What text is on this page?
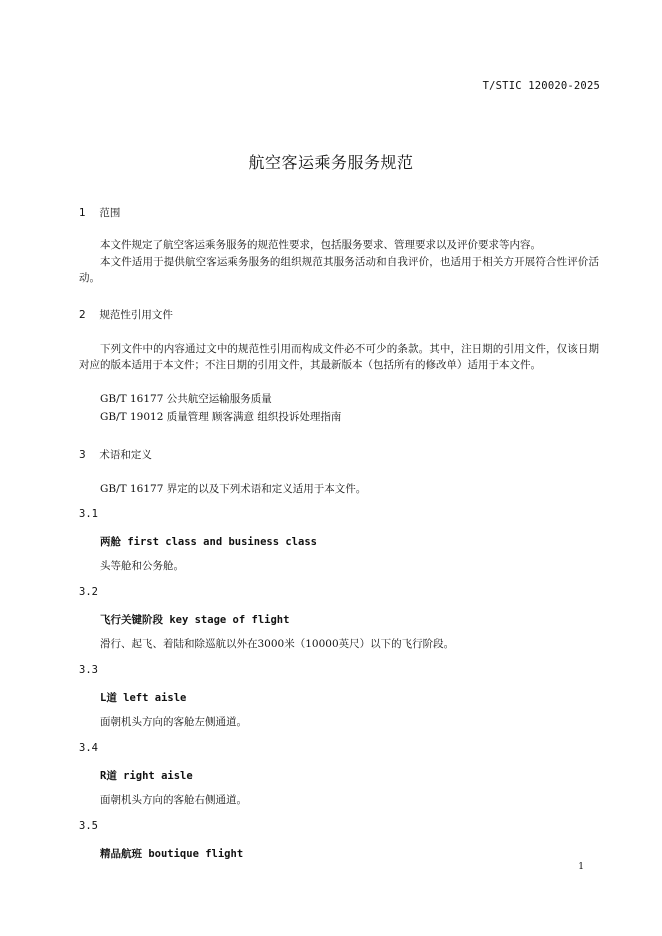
T/STIC 120020-2025
航空客运乘务服务规范
1 范围
本文件规定了航空客运乘务服务的规范性要求，包括服务要求、管理要求以及评价要求等内容。
本文件适用于提供航空客运乘务服务的组织规范其服务活动和自我评价，也适用于相关方开展符合性评价活动。
2 规范性引用文件
下列文件中的内容通过文中的规范性引用而构成文件必不可少的条款。其中，注日期的引用文件，仅该日期对应的版本适用于本文件；不注日期的引用文件，其最新版本（包括所有的修改单）适用于本文件。
GB/T 16177 公共航空运输服务质量
GB/T 19012 质量管理 顾客满意 组织投诉处理指南
3 术语和定义
GB/T 16177 界定的以及下列术语和定义适用于本文件。
3.1
两舱 first class and business class
头等舱和公务舱。
3.2
飞行关键阶段 key stage of flight
滑行、起飞、着陆和除巡航以外在3000米（10000英尺）以下的飞行阶段。
3.3
L道 left aisle
面朝机头方向的客舱左侧通道。
3.4
R道 right aisle
面朝机头方向的客舱右侧通道。
3.5
精品航班 boutique flight
1
